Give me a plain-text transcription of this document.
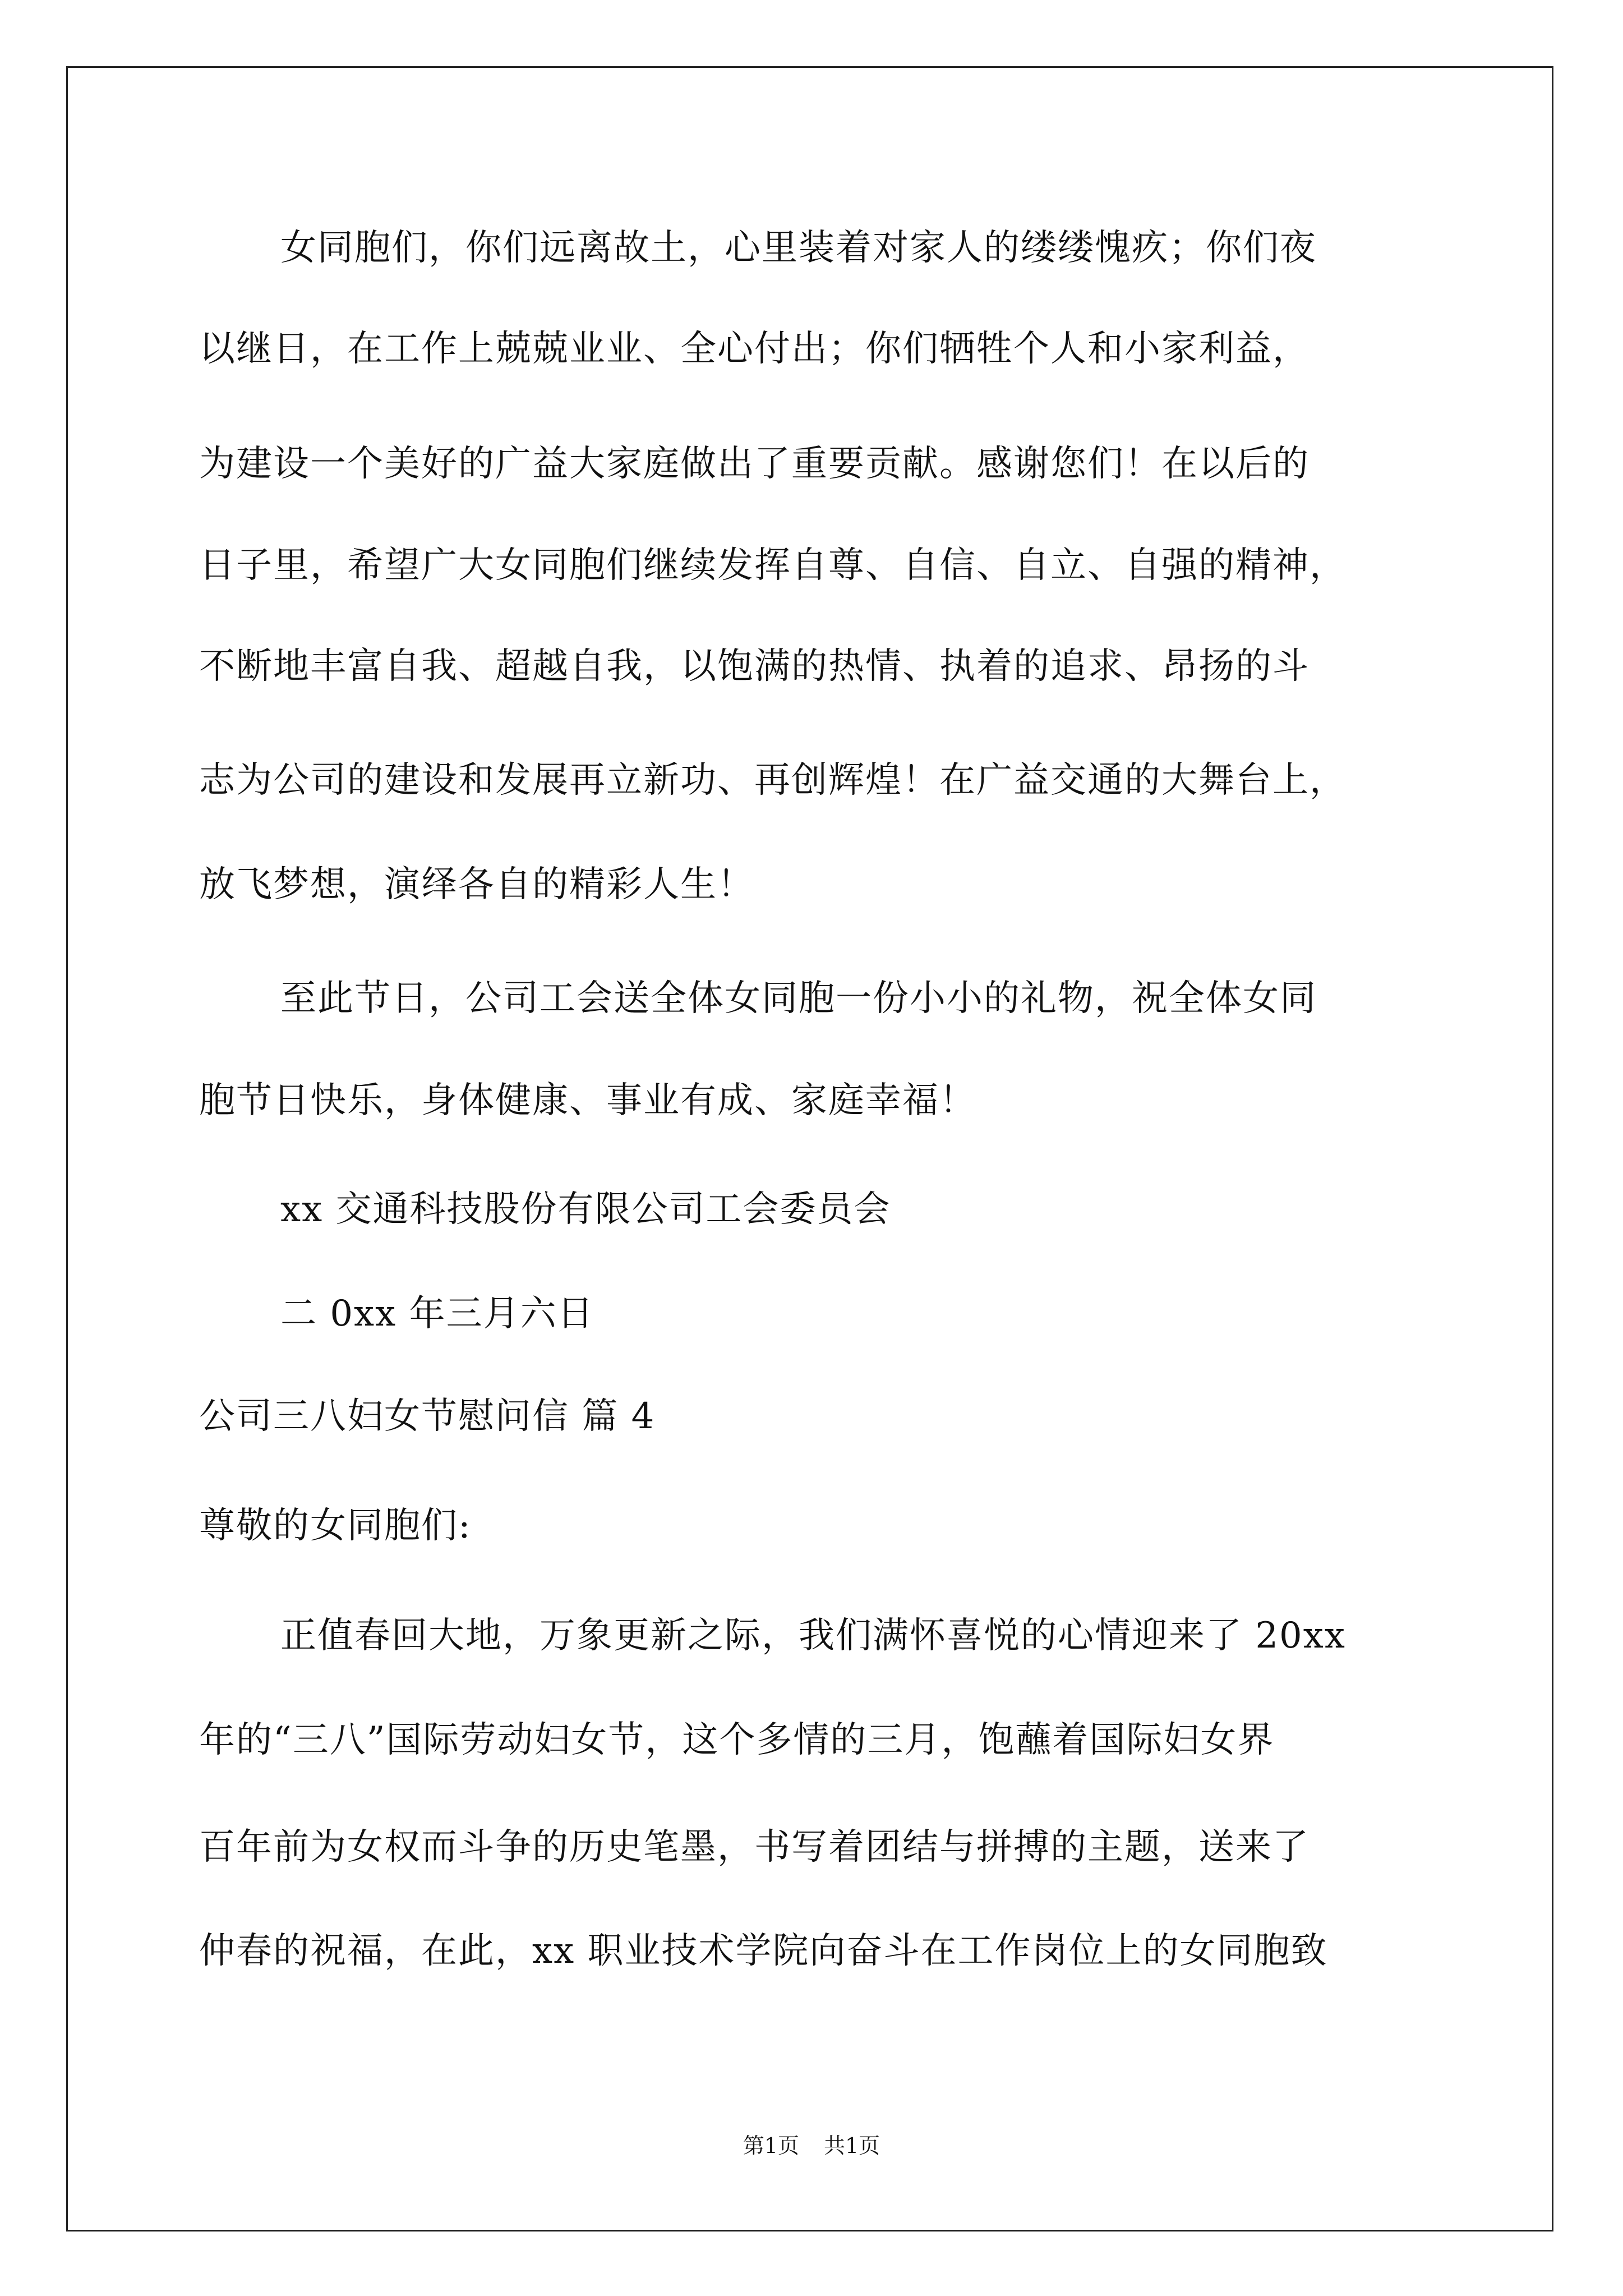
女同胞们，你们远离故土，心里装着对家人的缕缕愧疚；你们夜
以继日，在工作上兢兢业业、全心付出；你们牺牲个人和小家利益，
为建设一个美好的广益大家庭做出了重要贡献。感谢您们！在以后的
日子里，希望广大女同胞们继续发挥自尊、自信、自立、自强的精神，
不断地丰富自我、超越自我，以饱满的热情、执着的追求、昂扬的斗
志为公司的建设和发展再立新功、再创辉煌！在广益交通的大舞台上，
放飞梦想，演绎各自的精彩人生！
至此节日，公司工会送全体女同胞一份小小的礼物，祝全体女同
胞节日快乐，身体健康、事业有成、家庭幸福！
xx 交通科技股份有限公司工会委员会
二 0xx 年三月六日
公司三八妇女节慰问信 篇 4
尊敬的女同胞们:
正值春回大地，万象更新之际，我们满怀喜悦的心情迎来了 20xx
年的“三八”国际劳动妇女节，这个多情的三月，饱蘸着国际妇女界
百年前为女权而斗争的历史笔墨，书写着团结与拼搏的主题，送来了
仲春的祝福，在此，xx 职业技术学院向奋斗在工作岗位上的女同胞致
第1页 共1页
